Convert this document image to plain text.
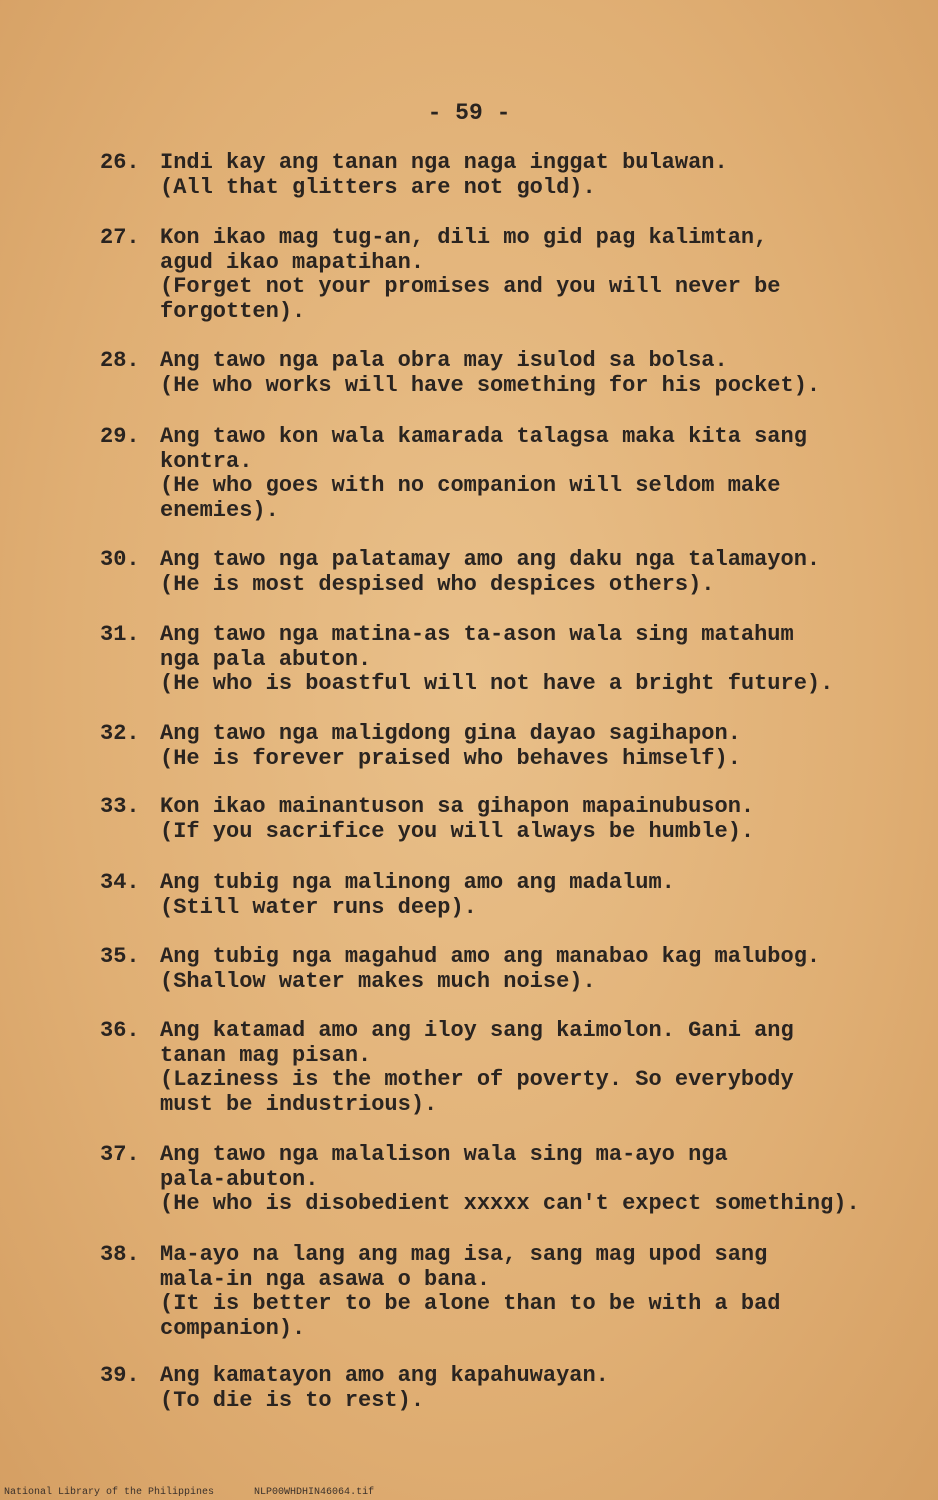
- 59 -
26. Indi kay ang tanan nga naga inggat bulawan.
(All that glitters are not gold).
27. Kon ikao mag tug-an, dili mo gid pag kalimtan,
agud ikao mapatihan.
(Forget not your promises and you will never be
forgotten).
28. Ang tawo nga pala obra may isulod sa bolsa.
(He who works will have something for his pocket).
29. Ang tawo kon wala kamarada talagsa maka kita sang
kontra.
(He who goes with no companion will seldom make
enemies).
30. Ang tawo nga palatamay amo ang daku nga talamayon.
(He is most despised who despices others).
31. Ang tawo nga matina-as ta-ason wala sing matahum
nga pala abuton.
(He who is boastful will not have a bright future).
32. Ang tawo nga maligdong gina dayao sagihapon.
(He is forever praised who behaves himself).
33. Kon ikao mainantuson sa gihapon mapainubuson.
(If you sacrifice you will always be humble).
34. Ang tubig nga malinong amo ang madalum.
(Still water runs deep).
35. Ang tubig nga magahud amo ang manabao kag malubog.
(Shallow water makes much noise).
36. Ang katamad amo ang iloy sang kaimolon. Gani ang
tanan mag pisan.
(Laziness is the mother of poverty. So everybody
must be industrious).
37. Ang tawo nga malalison wala sing ma-ayo nga
pala-abuton.
(He who is disobedient xxxxx can't expect something).
38. Ma-ayo na lang ang mag isa, sang mag upod sang
mala-in nga asawa o bana.
(It is better to be alone than to be with a bad
companion).
39. Ang kamatayon amo ang kapahuwayan.
(To die is to rest).
National Library of the Philippines	NLP00WHDHIN46064.tif
